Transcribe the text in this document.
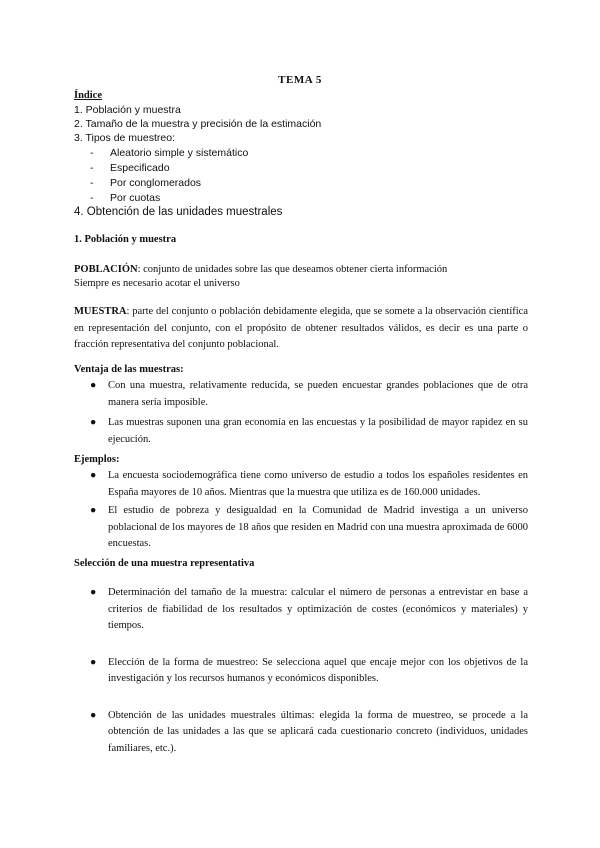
TEMA 5
Índice
1. Población y muestra
2. Tamaño de la muestra y precisión de la estimación
3. Tipos de muestreo:
- Aleatorio simple y sistemático
- Especificado
- Por conglomerados
- Por cuotas
4. Obtención de las unidades muestrales
1. Población y muestra
POBLACIÓN: conjunto de unidades sobre las que deseamos obtener cierta información
Siempre es necesario acotar el universo
MUESTRA: parte del conjunto o población debidamente elegida, que se somete a la observación científica en representación del conjunto, con el propósito de obtener resultados válidos, es decir es una parte o fracción representativa del conjunto poblacional.
Ventaja de las muestras:
● Con una muestra, relativamente reducida, se pueden encuestar grandes poblaciones que de otra manera sería imposible.
● Las muestras suponen una gran economía en las encuestas y la posibilidad de mayor rapidez en su ejecución.
Ejemplos:
● La encuesta sociodemográfica tiene como universo de estudio a todos los españoles residentes en España mayores de 10 años. Mientras que la muestra que utiliza es de 160.000 unidades.
● El estudio de pobreza y desigualdad en la Comunidad de Madrid investiga a un universo poblacional de los mayores de 18 años que residen en Madrid con una muestra aproximada de 6000 encuestas.
Selección de una muestra representativa
● Determinación del tamaño de la muestra: calcular el número de personas a entrevistar en base a criterios de fiabilidad de los resultados y optimización de costes (económicos y materiales) y tiempos.
● Elección de la forma de muestreo: Se selecciona aquel que encaje mejor con los objetivos de la investigación y los recursos humanos y económicos disponibles.
● Obtención de las unidades muestrales últimas: elegida la forma de muestreo, se procede a la obtención de las unidades a las que se aplicará cada cuestionario concreto (individuos, unidades familiares, etc.).
